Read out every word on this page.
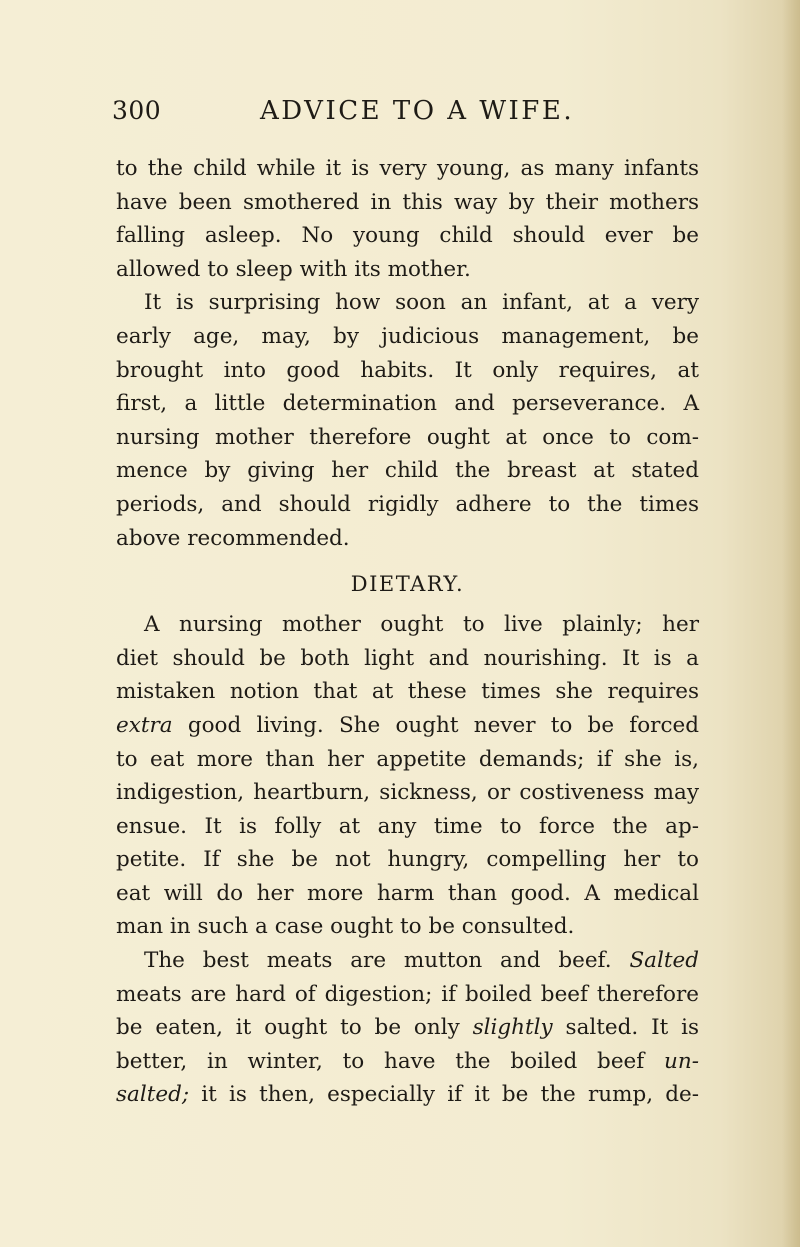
300	ADVICE TO A WIFE.
to the child while it is very young, as many infants
have been smothered in this way by their mothers
falling asleep. No young child should ever be
allowed to sleep with its mother.
It is surprising how soon an infant, at a very
early age, may, by judicious management, be
brought into good habits. It only requires, at
first, a little determination and perseverance. A
nursing mother therefore ought at once to com-
mence by giving her child the breast at stated
periods, and should rigidly adhere to the times
above recommended.
DIETARY.
A nursing mother ought to live plainly; her
diet should be both light and nourishing. It is a
mistaken notion that at these times she requires
extra good living. She ought never to be forced
to eat more than her appetite demands; if she is,
indigestion, heartburn, sickness, or costiveness may
ensue. It is folly at any time to force the ap-
petite. If she be not hungry, compelling her to
eat will do her more harm than good. A medical
man in such a case ought to be consulted.
The best meats are mutton and beef. Salted
meats are hard of digestion; if boiled beef therefore
be eaten, it ought to be only slightly salted. It is
better, in winter, to have the boiled beef un-
salted; it is then, especially if it be the rump, de-
